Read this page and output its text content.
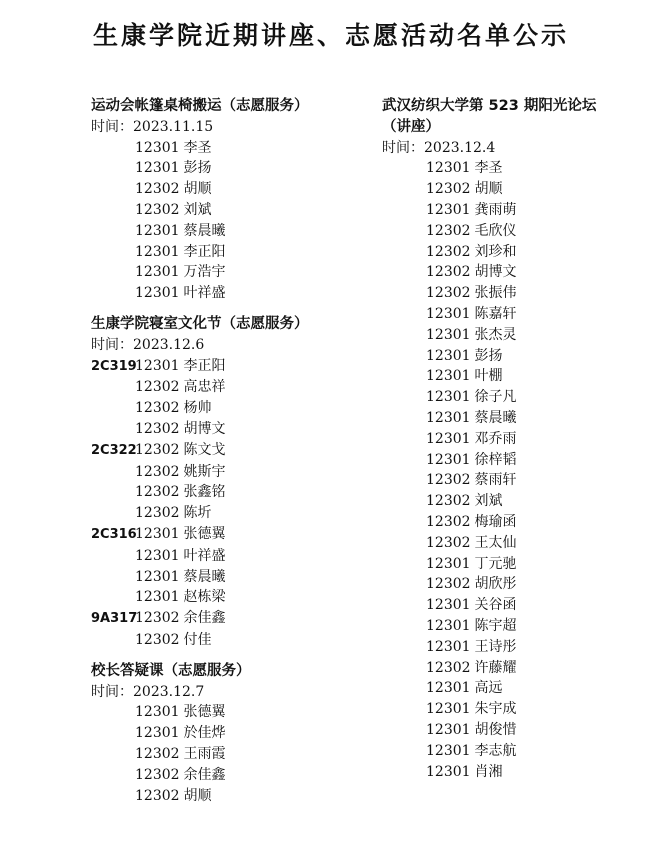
生康学院近期讲座、志愿活动名单公示
运动会帐篷桌椅搬运（志愿服务）
时间：2023.11.15
12301 李圣
12301 彭扬
12302 胡顺
12302 刘斌
12301 蔡晨曦
12301 李正阳
12301 万浩宇
12301 叶祥盛
生康学院寝室文化节（志愿服务）
时间：2023.12.6
2C31912301 李正阳
12302 高忠祥
12302 杨帅
12302 胡博文
2C32212302 陈文戈
12302 姚斯宇
12302 张鑫铭
12302 陈圻
2C31612301 张德翼
12301 叶祥盛
12301 蔡晨曦
12301 赵栋梁
9A31712302 余佳鑫
12302 付佳
校长答疑课（志愿服务）
时间：2023.12.7
12301 张德翼
12301 於佳烨
12302 王雨霞
12302 余佳鑫
12302 胡顺
武汉纺织大学第 523 期阳光论坛
（讲座）
时间：2023.12.4
12301 李圣
12302 胡顺
12301 龚雨萌
12302 毛欣仪
12302 刘珍和
12302 胡博文
12302 张振伟
12301 陈嘉轩
12301 张杰灵
12301 彭扬
12301 叶棚
12301 徐子凡
12301 蔡晨曦
12301 邓乔雨
12301 徐梓韬
12302 蔡雨轩
12302 刘斌
12302 梅瑜函
12302 王太仙
12301 丁元驰
12302 胡欣彤
12301 关谷函
12301 陈宇超
12301 王诗彤
12302 许藤耀
12301 高远
12301 朱宇成
12301 胡俊惜
12301 李志航
12301 肖湘
